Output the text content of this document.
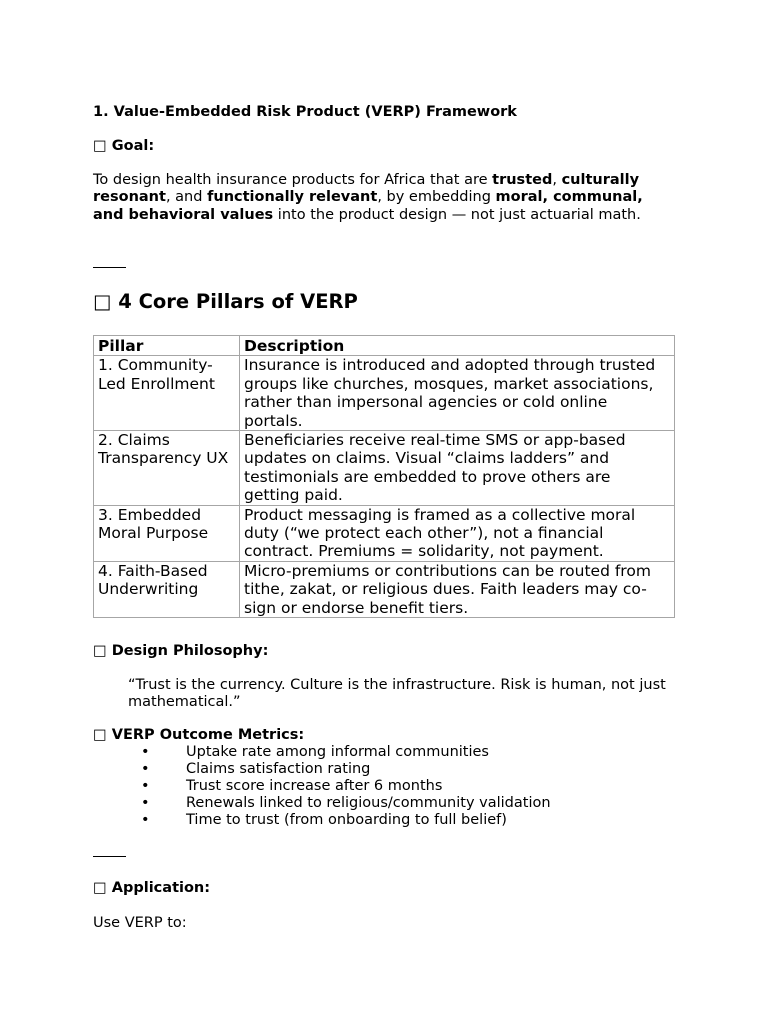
1. Value-Embedded Risk Product (VERP) Framework
□ Goal:
To design health insurance products for Africa that are trusted, culturally resonant, and functionally relevant, by embedding moral, communal, and behavioral values into the product design — not just actuarial math.
□ 4 Core Pillars of VERP
Pillar	Description
1. Community-Led Enrollment	Insurance is introduced and adopted through trusted groups like churches, mosques, market associations, rather than impersonal agencies or cold online portals.
2. Claims Transparency UX	Beneficiaries receive real-time SMS or app-based updates on claims. Visual “claims ladders” and testimonials are embedded to prove others are getting paid.
3. Embedded Moral Purpose	Product messaging is framed as a collective moral duty (“we protect each other”), not a financial contract. Premiums = solidarity, not payment.
4. Faith-Based Underwriting	Micro-premiums or contributions can be routed from tithe, zakat, or religious dues. Faith leaders may co-sign or endorse benefit tiers.
□ Design Philosophy:
“Trust is the currency. Culture is the infrastructure. Risk is human, not just mathematical.”
□ VERP Outcome Metrics:
•	Uptake rate among informal communities
•	Claims satisfaction rating
•	Trust score increase after 6 months
•	Renewals linked to religious/community validation
•	Time to trust (from onboarding to full belief)
□ Application:
Use VERP to:
